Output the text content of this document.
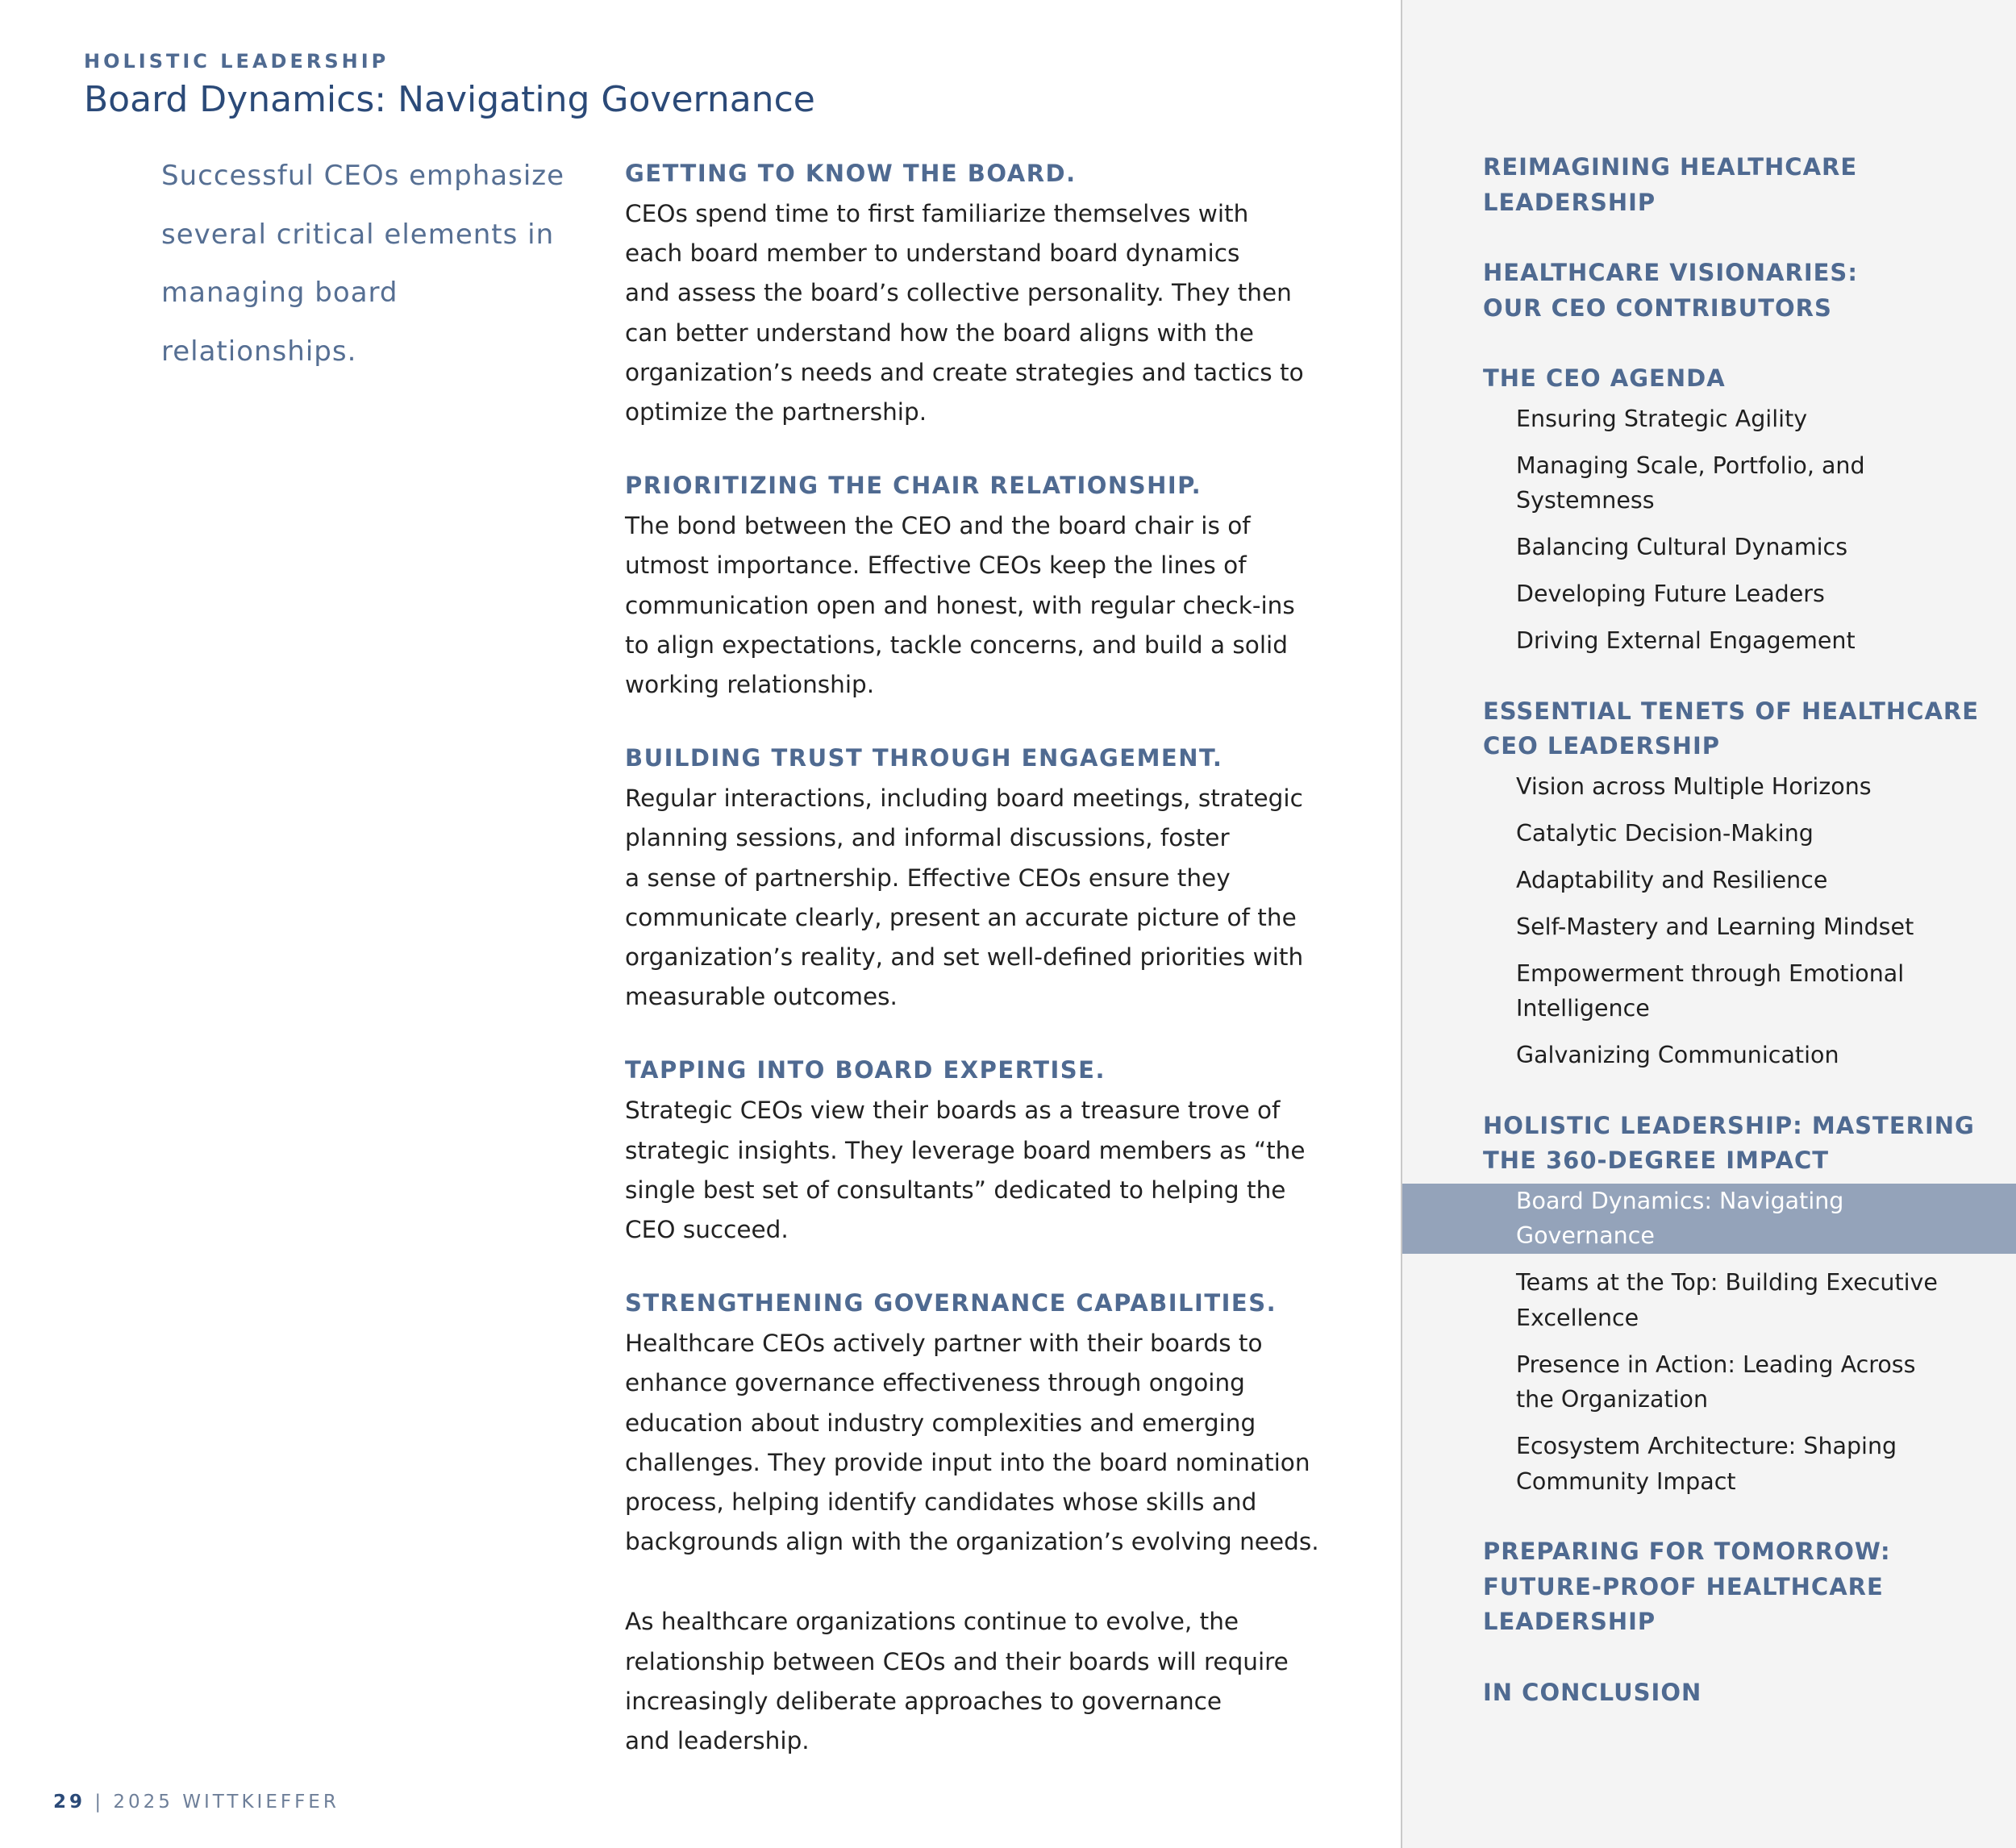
HOLISTIC LEADERSHIP
Board Dynamics: Navigating Governance
Successful CEOs emphasize several critical elements in managing board relationships.
GETTING TO KNOW THE BOARD.
CEOs spend time to first familiarize themselves with
each board member to understand board dynamics
and assess the board’s collective personality. They then
can better understand how the board aligns with the
organization’s needs and create strategies and tactics to
optimize the partnership.
PRIORITIZING THE CHAIR RELATIONSHIP.
The bond between the CEO and the board chair is of
utmost importance. Effective CEOs keep the lines of
communication open and honest, with regular check-ins
to align expectations, tackle concerns, and build a solid
working relationship.
BUILDING TRUST THROUGH ENGAGEMENT.
Regular interactions, including board meetings, strategic
planning sessions, and informal discussions, foster
a sense of partnership. Effective CEOs ensure they
communicate clearly, present an accurate picture of the
organization’s reality, and set well-defined priorities with
measurable outcomes.
TAPPING INTO BOARD EXPERTISE.
Strategic CEOs view their boards as a treasure trove of
strategic insights. They leverage board members as “the
single best set of consultants” dedicated to helping the
CEO succeed.
STRENGTHENING GOVERNANCE CAPABILITIES.
Healthcare CEOs actively partner with their boards to
enhance governance effectiveness through ongoing
education about industry complexities and emerging
challenges. They provide input into the board nomination
process, helping identify candidates whose skills and
backgrounds align with the organization’s evolving needs.
As healthcare organizations continue to evolve, the
relationship between CEOs and their boards will require
increasingly deliberate approaches to governance
and leadership.
29 | 2025 WITTKIEFFER
REIMAGINING HEALTHCARE
LEADERSHIP
HEALTHCARE VISIONARIES:
OUR CEO CONTRIBUTORS
THE CEO AGENDA
Ensuring Strategic Agility
Managing Scale, Portfolio, and
Systemness
Balancing Cultural Dynamics
Developing Future Leaders
Driving External Engagement
ESSENTIAL TENETS OF HEALTHCARE
CEO LEADERSHIP
Vision across Multiple Horizons
Catalytic Decision-Making
Adaptability and Resilience
Self-Mastery and Learning Mindset
Empowerment through Emotional
Intelligence
Galvanizing Communication
HOLISTIC LEADERSHIP: MASTERING
THE 360-DEGREE IMPACT
Board Dynamics: Navigating
Governance
Teams at the Top: Building Executive
Excellence
Presence in Action: Leading Across
the Organization
Ecosystem Architecture: Shaping
Community Impact
PREPARING FOR TOMORROW:
FUTURE-PROOF HEALTHCARE
LEADERSHIP
IN CONCLUSION
